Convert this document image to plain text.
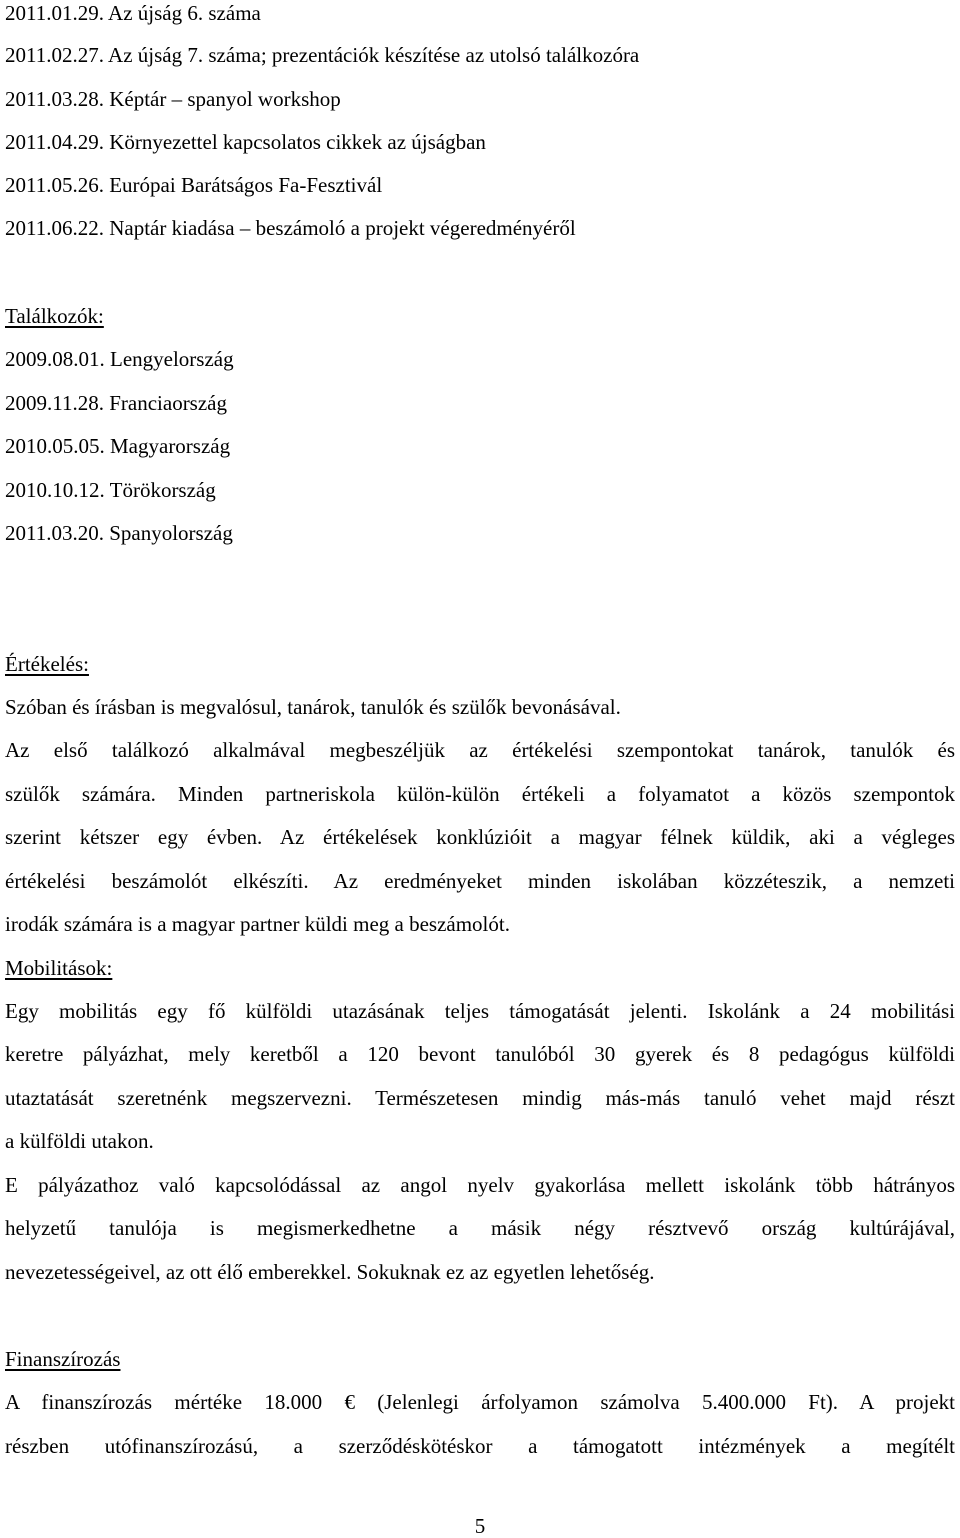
2011.01.29. Az újság 6. száma
2011.02.27. Az újság 7. száma; prezentációk készítése az utolsó találkozóra
2011.03.28. Képtár – spanyol workshop
2011.04.29. Környezettel kapcsolatos cikkek az újságban
2011.05.26. Európai Barátságos Fa-Fesztivál
2011.06.22. Naptár kiadása – beszámoló a projekt végeredményéről
Találkozók:
2009.08.01. Lengyelország
2009.11.28. Franciaország
2010.05.05. Magyarország
2010.10.12. Törökország
2011.03.20. Spanyolország
Értékelés:
Szóban és írásban is megvalósul, tanárok, tanulók és szülők bevonásával.
Az első találkozó alkalmával megbeszéljük az értékelési szempontokat tanárok, tanulók és
szülők számára. Minden partneriskola külön-külön értékeli a folyamatot a közös szempontok
szerint kétszer egy évben. Az értékelések konklúzióit a magyar félnek küldik, aki a végleges
értékelési beszámolót elkészíti. Az eredményeket minden iskolában közzéteszik, a nemzeti
irodák számára is a magyar partner küldi meg a beszámolót.
Mobilitások:
Egy mobilitás egy fő külföldi utazásának teljes támogatását jelenti. Iskolánk a 24 mobilitási
keretre pályázhat, mely keretből a 120 bevont tanulóból 30 gyerek és 8 pedagógus külföldi
utaztatását szeretnénk megszervezni. Természetesen mindig más-más tanuló vehet majd részt
a külföldi utakon.
E pályázathoz való kapcsolódással az angol nyelv gyakorlása mellett iskolánk több hátrányos
helyzetű tanulója is megismerkedhetne a másik négy résztvevő ország kultúrájával,
nevezetességeivel, az ott élő emberekkel. Sokuknak ez az egyetlen lehetőség.
Finanszírozás
A finanszírozás mértéke 18.000 € (Jelenlegi árfolyamon számolva 5.400.000 Ft). A projekt
részben utófinanszírozású, a szerződéskötéskor a támogatott intézmények a megítélt
5
